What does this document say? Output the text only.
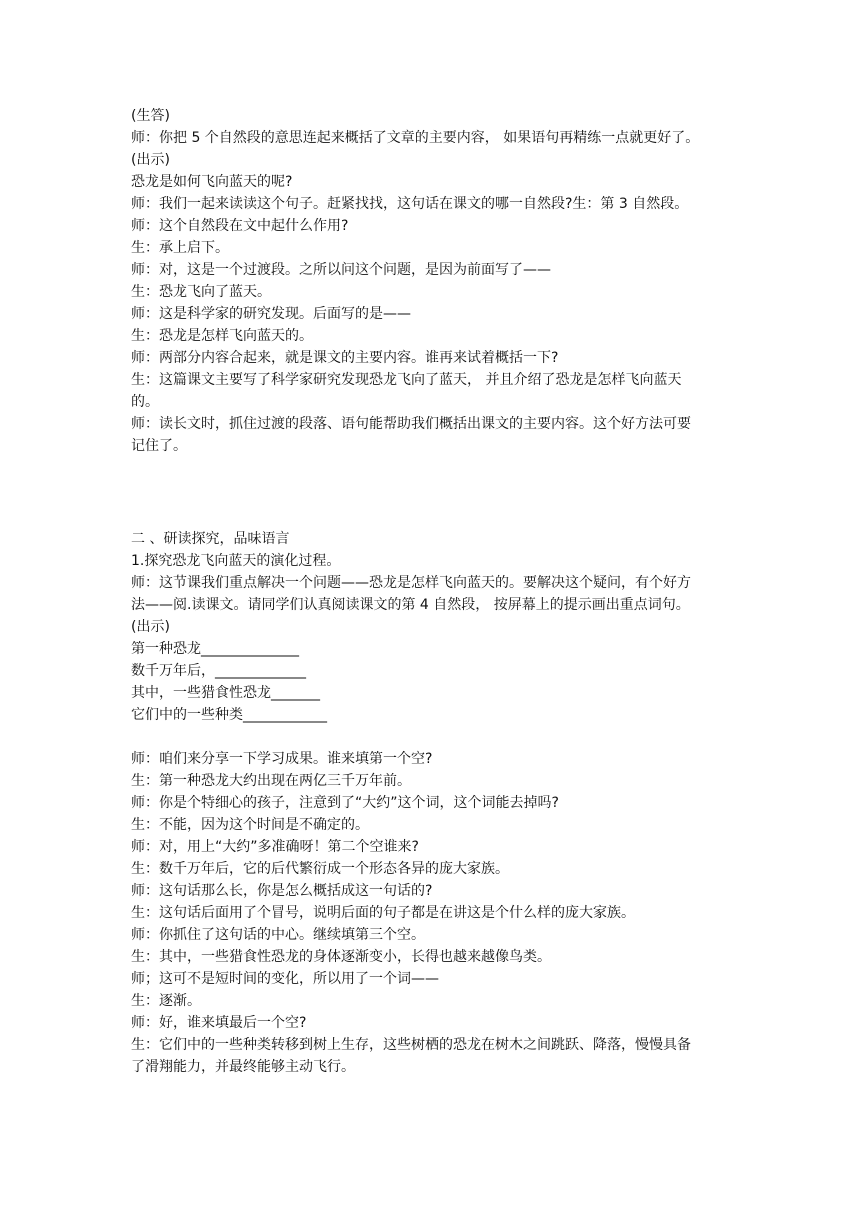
(生答)
师：你把 5 个自然段的意思连起来概括了文章的主要内容， 如果语句再精练一点就更好了。
(出示)
恐龙是如何飞向蓝天的呢?
师：我们一起来读读这个句子。赶紧找找，这句话在课文的哪一自然段?生：第 3 自然段。
师：这个自然段在文中起什么作用?
生：承上启下。
师：对，这是一个过渡段。之所以问这个问题，是因为前面写了——
生：恐龙飞向了蓝天。
师：这是科学家的研究发现。后面写的是——
生：恐龙是怎样飞向蓝天的。
师：两部分内容合起来，就是课文的主要内容。谁再来试着概括一下?
生：这篇课文主要写了科学家研究发现恐龙飞向了蓝天， 并且介绍了恐龙是怎样飞向蓝天
的。
师：读长文时，抓住过渡的段落、语句能帮助我们概括出课文的主要内容。这个好方法可要
记住了。
二 、研读探究，品味语言
1.探究恐龙飞向蓝天的演化过程。
师：这节课我们重点解决一个问题——恐龙是怎样飞向蓝天的。要解决这个疑问，有个好方
法——阅.读课文。请同学们认真阅读课文的第 4 自然段， 按屏幕上的提示画出重点词句。
(出示)
第一种恐龙______________
数千万年后，_____________
其中，一些猎食性恐龙_______
它们中的一些种类____________
师：咱们来分享一下学习成果。谁来填第一个空?
生：第一种恐龙大约出现在两亿三千万年前。
师：你是个特细心的孩子，注意到了“大约”这个词，这个词能去掉吗?
生：不能，因为这个时间是不确定的。
师：对，用上“大约”多准确呀！第二个空谁来?
生：数千万年后，它的后代繁衍成一个形态各异的庞大家族。
师：这句话那么长，你是怎么概括成这一句话的?
生：这句话后面用了个冒号，说明后面的句子都是在讲这是个什么样的庞大家族。
师：你抓住了这句话的中心。继续填第三个空。
生：其中，一些猎食性恐龙的身体逐渐变小，长得也越来越像鸟类。
师；这可不是短时间的变化，所以用了一个词——
生：逐渐。
师：好，谁来填最后一个空?
生：它们中的一些种类转移到树上生存，这些树栖的恐龙在树木之间跳跃、降落，慢慢具备
了滑翔能力，并最终能够主动飞行。
